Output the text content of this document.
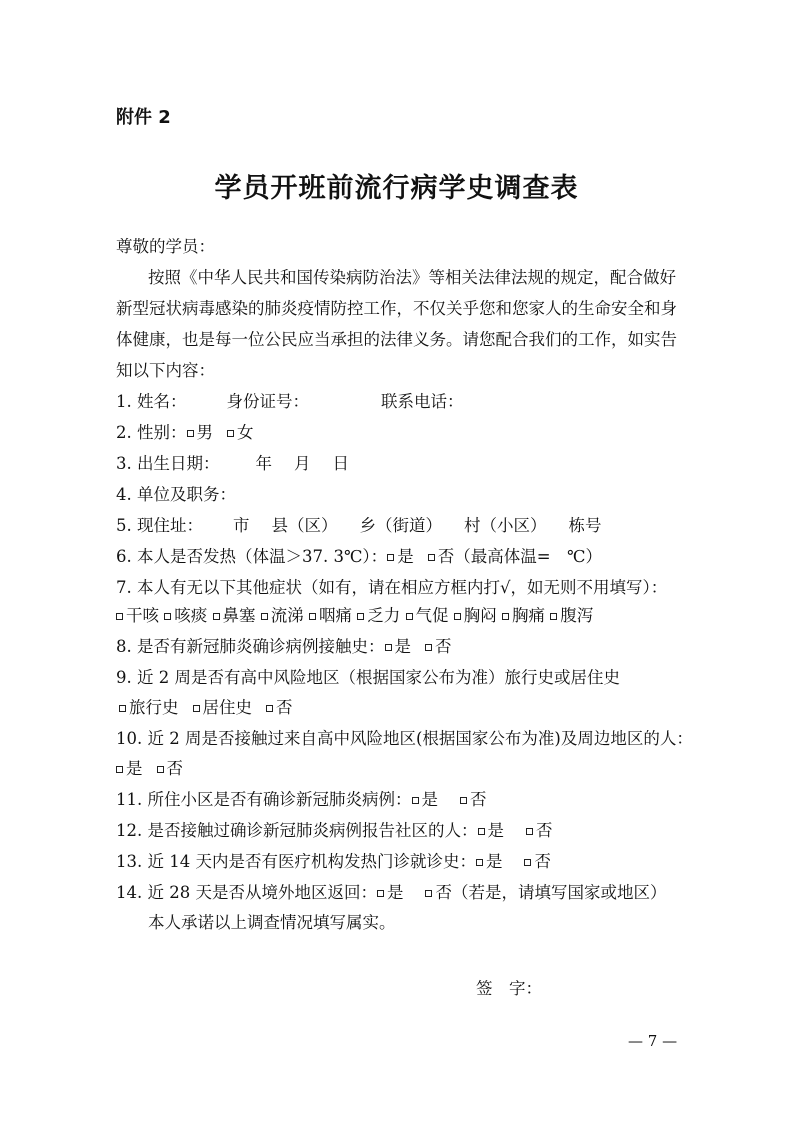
附件 2
学员开班前流行病学史调查表
尊敬的学员：
按照《中华人民共和国传染病防治法》等相关法律法规的规定，配合做好
新型冠状病毒感染的肺炎疫情防控工作，不仅关乎您和您家人的生命安全和身
体健康，也是每一位公民应当承担的法律义务。请您配合我们的工作，如实告
知以下内容：
1. 姓名： 身份证号：	联系电话：
2. 性别： 男 女
3. 出生日期： 年 月 日
4. 单位及职务：
5. 现住址： 市 县（区） 乡（街道） 村（小区） 栋号
6. 本人是否发热（体温＞37. 3℃）： 是 否（最高体温=　℃）
7. 本人有无以下其他症状（如有，请在相应方框内打√，如无则不用填写）：
干咳 咳痰 鼻塞 流涕 咽痛 乏力 气促 胸闷 胸痛 腹泻
8. 是否有新冠肺炎确诊病例接触史： 是 否
9. 近 2 周是否有高中风险地区（根据国家公布为准）旅行史或居住史
旅行史 居住史 否
10. 近 2 周是否接触过来自高中风险地区(根据国家公布为准)及周边地区的人：
是 否
11. 所住小区是否有确诊新冠肺炎病例： 是 否
12. 是否接触过确诊新冠肺炎病例报告社区的人： 是 否
13. 近 14 天内是否有医疗机构发热门诊就诊史： 是 否
14. 近 28 天是否从境外地区返回： 是 否（若是，请填写国家或地区）
本人承诺以上调查情况填写属实。
签　字：
— 7 —
